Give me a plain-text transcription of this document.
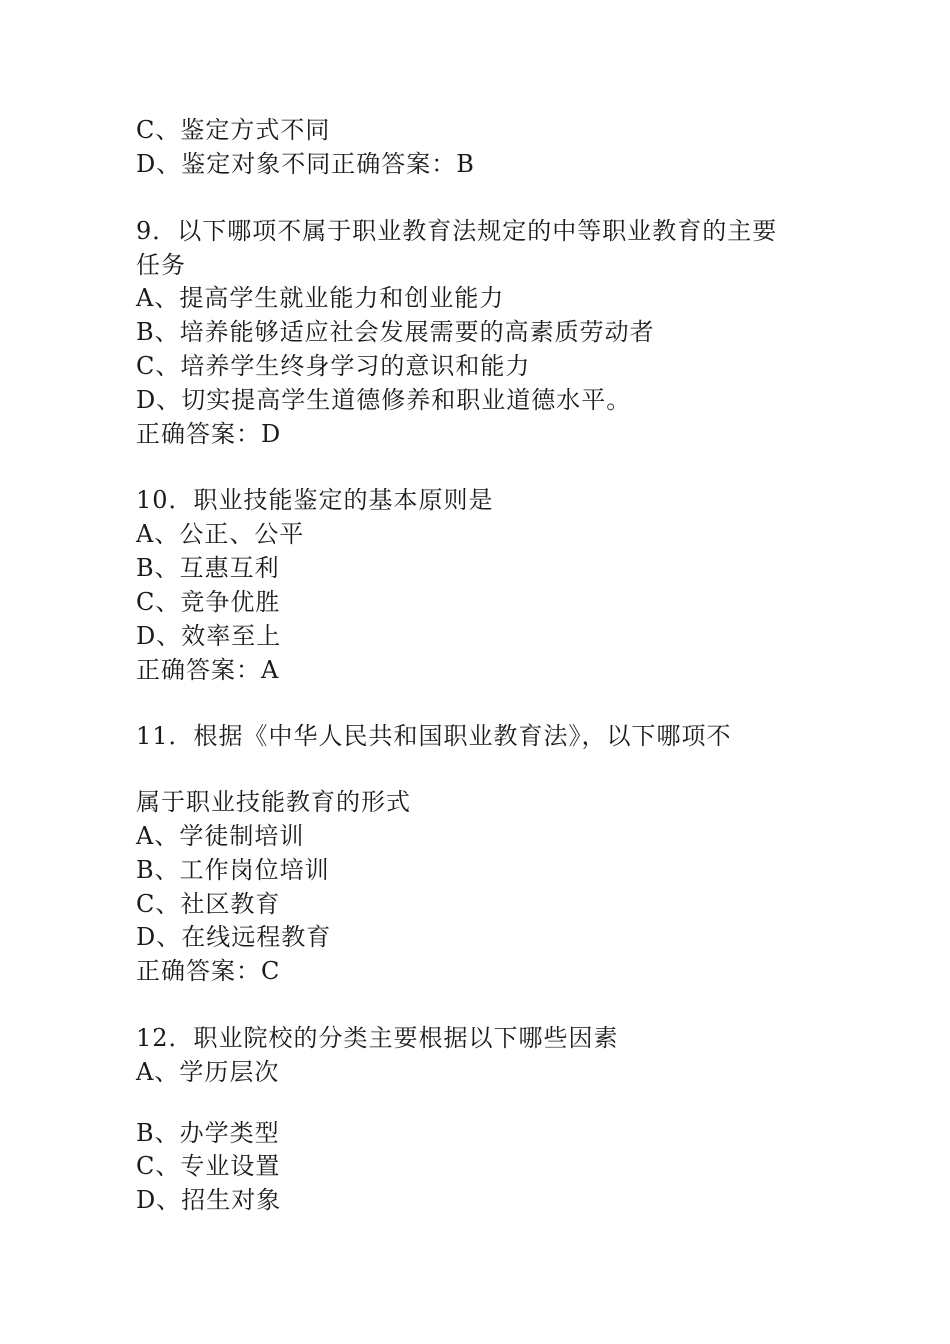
C、鉴定方式不同
D、鉴定对象不同正确答案：B
9．以下哪项不属于职业教育法规定的中等职业教育的主要
任务
A、提高学生就业能力和创业能力
B、培养能够适应社会发展需要的高素质劳动者
C、培养学生终身学习的意识和能力
D、切实提高学生道德修养和职业道德水平。
正确答案：D
10．职业技能鉴定的基本原则是
A、公正、公平
B、互惠互利
C、竞争优胜
D、效率至上
正确答案：A
11．根据《中华人民共和国职业教育法》，以下哪项不
属于职业技能教育的形式
A、学徒制培训
B、工作岗位培训
C、社区教育
D、在线远程教育
正确答案：C
12．职业院校的分类主要根据以下哪些因素
A、学历层次
B、办学类型
C、专业设置
D、招生对象
